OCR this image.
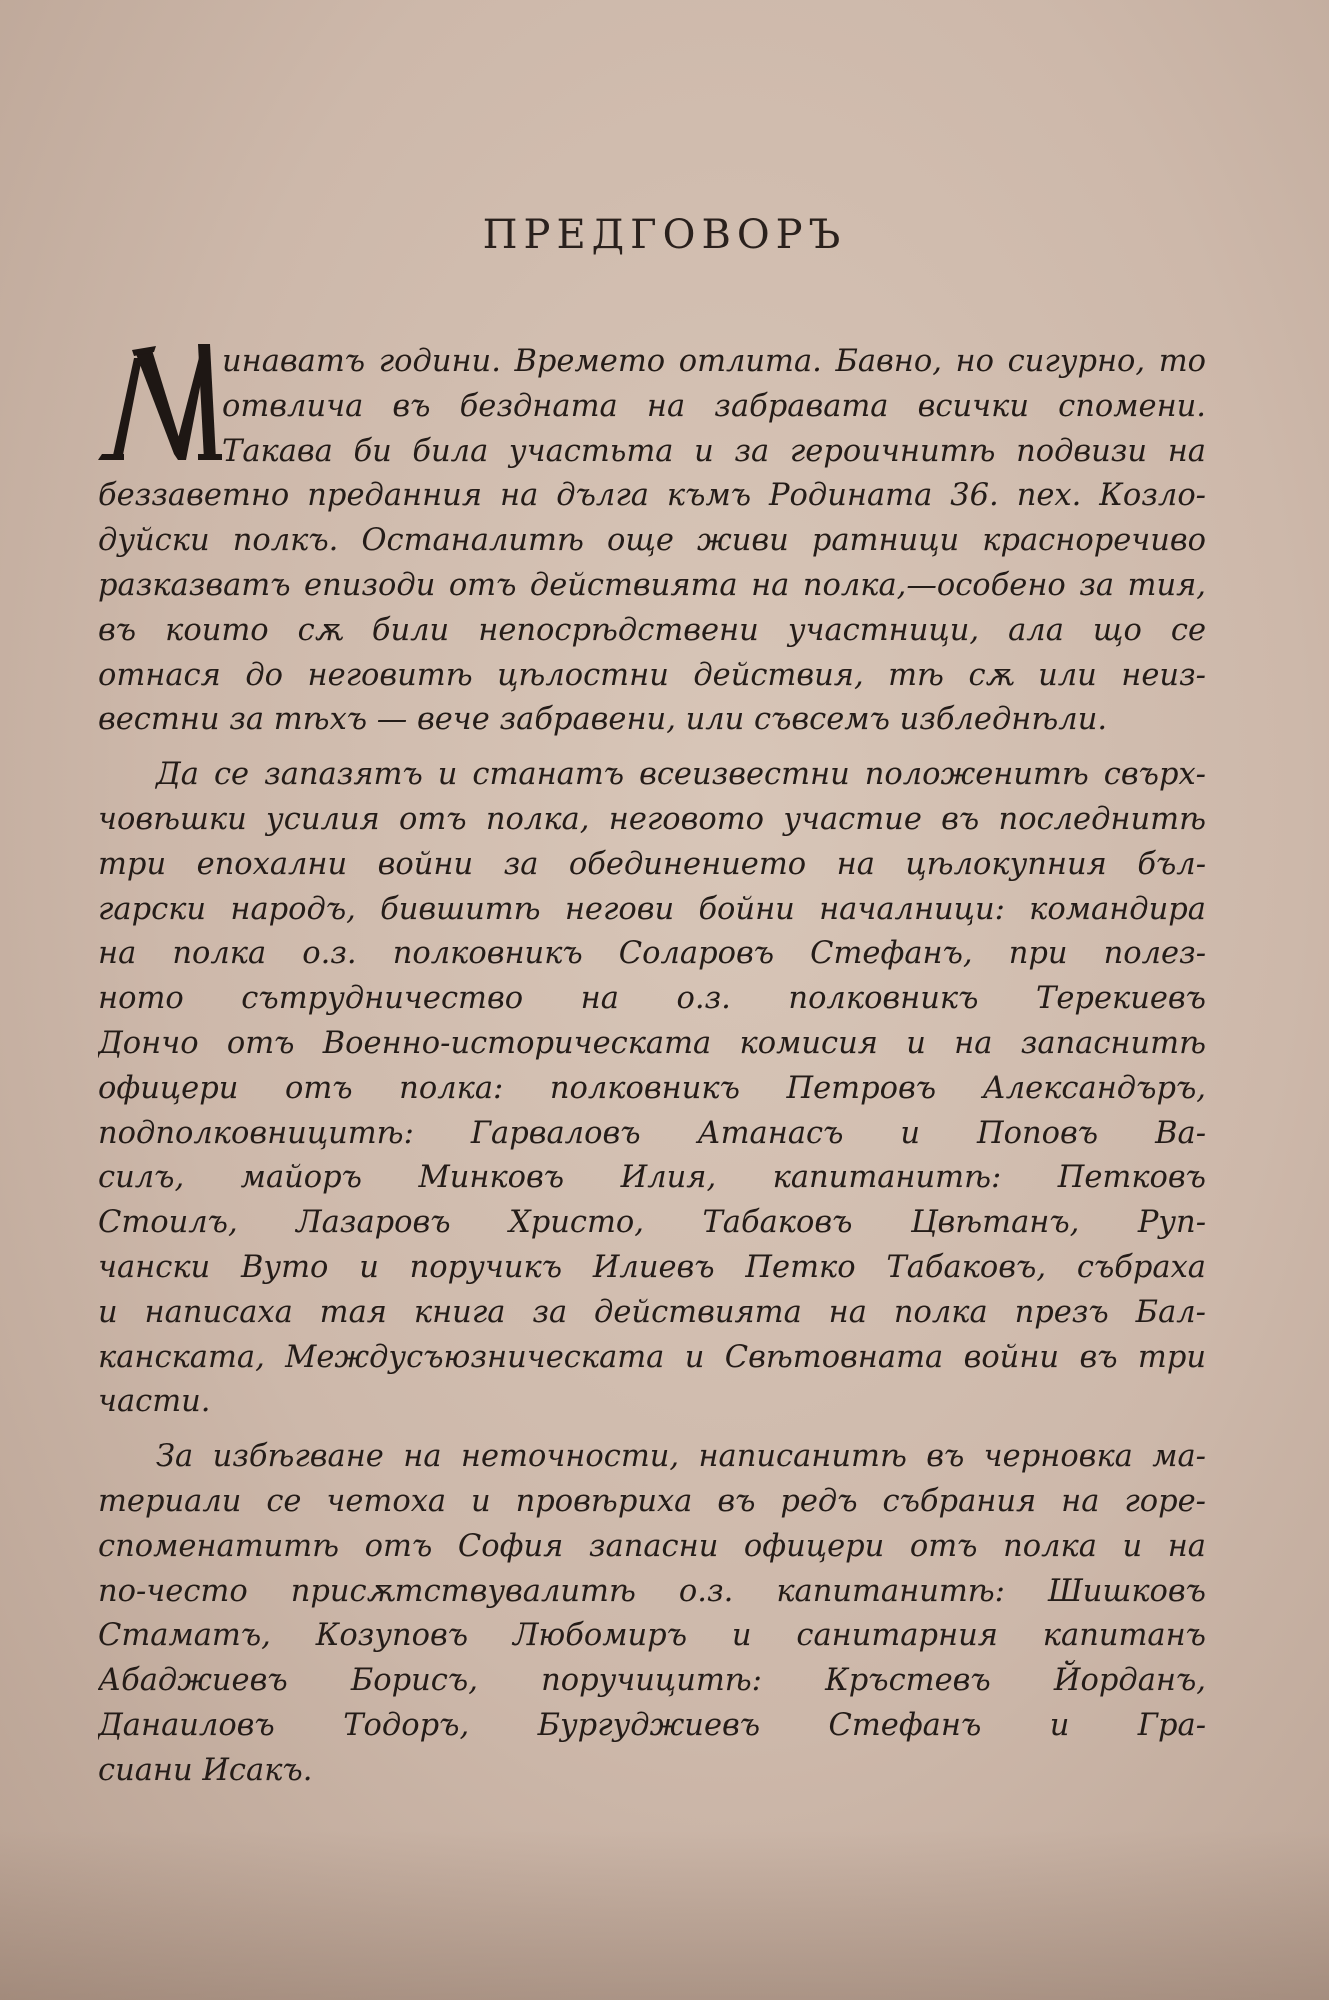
ПРЕДГОВОРЪ
инаватъ години. Времето отлита. Бавно, но сигурно, то
отвлича въ бездната на забравата всички спомени.
Такава би била участьта и за героичнитѣ подвизи на
беззаветно преданния на дълга къмъ Родината 36. пех. Козло-
дуйски полкъ. Останалитѣ още живи ратници красноречиво
разказватъ епизоди отъ действията на полка,—особено за тия,
въ които сѫ били непосрѣдствени участници, ала що се
отнася до неговитѣ цѣлостни действия, тѣ сѫ или неиз-
вестни за тѣхъ — вече забравени, или съвсемъ избледнѣли.
Да се запазятъ и станатъ всеизвестни положенитѣ свърх-
човѣшки усилия отъ полка, неговото участие въ последнитѣ
три епохални войни за обединението на цѣлокупния бъл-
гарски народъ, бившитѣ негови бойни началници: командира
на полка о.з. полковникъ Соларовъ Стефанъ, при полез-
ното сътрудничество на о.з. полковникъ Терекиевъ
Дончо отъ Военно-историческата комисия и на запаснитѣ
офицери отъ полка: полковникъ Петровъ Александъръ,
подполковницитѣ: Гарваловъ Атанасъ и Поповъ Ва-
силъ, майоръ Минковъ Илия, капитанитѣ: Петковъ
Стоилъ, Лазаровъ Христо, Табаковъ Цвѣтанъ, Руп-
чански Вуто и поручикъ Илиевъ Петко Табаковъ, събраха
и написаха тая книга за действията на полка презъ Бал-
канската, Междусъюзническата и Свѣтовната войни въ три
части.
За избѣгване на неточности, написанитѣ въ черновка ма-
териали се четоха и провѣриха въ редъ събрания на горе-
споменатитѣ отъ София запасни офицери отъ полка и на
по-често присѫтствувалитѣ о.з. капитанитѣ: Шишковъ
Стаматъ, Козуповъ Любомиръ и санитарния капитанъ
Абаджиевъ Борисъ, поручицитѣ: Кръстевъ Йорданъ,
Данаиловъ Тодоръ, Бургуджиевъ Стефанъ и Гра-
сиани Исакъ.
